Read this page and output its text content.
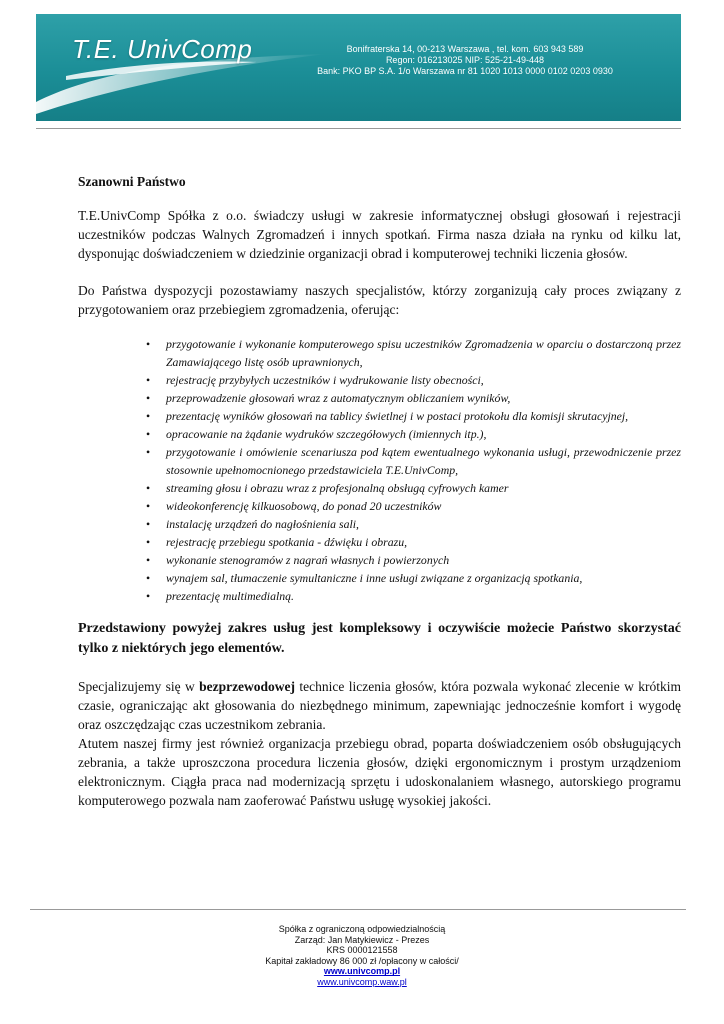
T.E. UnivComp	Bonifraterska 14, 00-213 Warszawa , tel. kom. 603 943 589
Regon: 016213025 NIP: 525-21-49-448
Bank: PKO BP S.A. 1/o Warszawa nr 81 1020 1013 0000 0102 0203 0930

Szanowni Państwo

T.E.UnivComp Spółka z o.o. świadczy usługi w zakresie informatycznej obsługi głosowań i rejestracji uczestników podczas Walnych Zgromadzeń i innych spotkań. Firma nasza działa na rynku od kilku lat, dysponując doświadczeniem w dziedzinie organizacji obrad i komputerowej techniki liczenia głosów.

Do Państwa dyspozycji pozostawiamy naszych specjalistów, którzy zorganizują cały proces związany z przygotowaniem oraz przebiegiem zgromadzenia, oferując:

• przygotowanie i wykonanie komputerowego spisu uczestników Zgromadzenia w oparciu o dostarczoną przez Zamawiającego listę osób uprawnionych,
• rejestrację przybyłych uczestników i wydrukowanie listy obecności,
• przeprowadzenie głosowań wraz z automatycznym obliczaniem wyników,
• prezentację wyników głosowań na tablicy świetlnej i w postaci protokołu dla komisji skrutacyjnej,
• opracowanie na żądanie wydruków szczegółowych (imiennych itp.),
• przygotowanie i omówienie scenariusza pod kątem ewentualnego wykonania usługi, przewodniczenie przez stosownie upełnomocnionego przedstawiciela T.E.UnivComp,
• streaming głosu i obrazu wraz z profesjonalną obsługą cyfrowych kamer
• wideokonferencję kilkuosobową, do ponad 20 uczestników
• instalację urządzeń do nagłośnienia sali,
• rejestrację przebiegu spotkania - dźwięku i obrazu,
• wykonanie stenogramów z nagrań własnych i powierzonych
• wynajem sal, tłumaczenie symultaniczne i inne usługi związane z organizacją spotkania,
• prezentację multimedialną.

Przedstawiony powyżej zakres usług jest kompleksowy i oczywiście możecie Państwo skorzystać tylko z niektórych jego elementów.

Specjalizujemy się w bezprzewodowej technice liczenia głosów, która pozwala wykonać zlecenie w krótkim czasie, ograniczając akt głosowania do niezbędnego minimum, zapewniając jednocześnie komfort i wygodę oraz oszczędzając czas uczestnikom zebrania.

Atutem naszej firmy jest również organizacja przebiegu obrad, poparta doświadczeniem osób obsługujących zebrania, a także uproszczona procedura liczenia głosów, dzięki ergonomicznym i prostym urządzeniom elektronicznym. Ciągła praca nad modernizacją sprzętu i udoskonalaniem własnego, autorskiego programu komputerowego pozwala nam zaoferować Państwu usługę wysokiej jakości.

Spółka z ograniczoną odpowiedzialnością
Zarząd: Jan Matykiewicz - Prezes
KRS 0000121558
Kapitał zakładowy 86 000 zł /opłacony w całości/
www.univcomp.pl
www.univcomp.waw.pl
